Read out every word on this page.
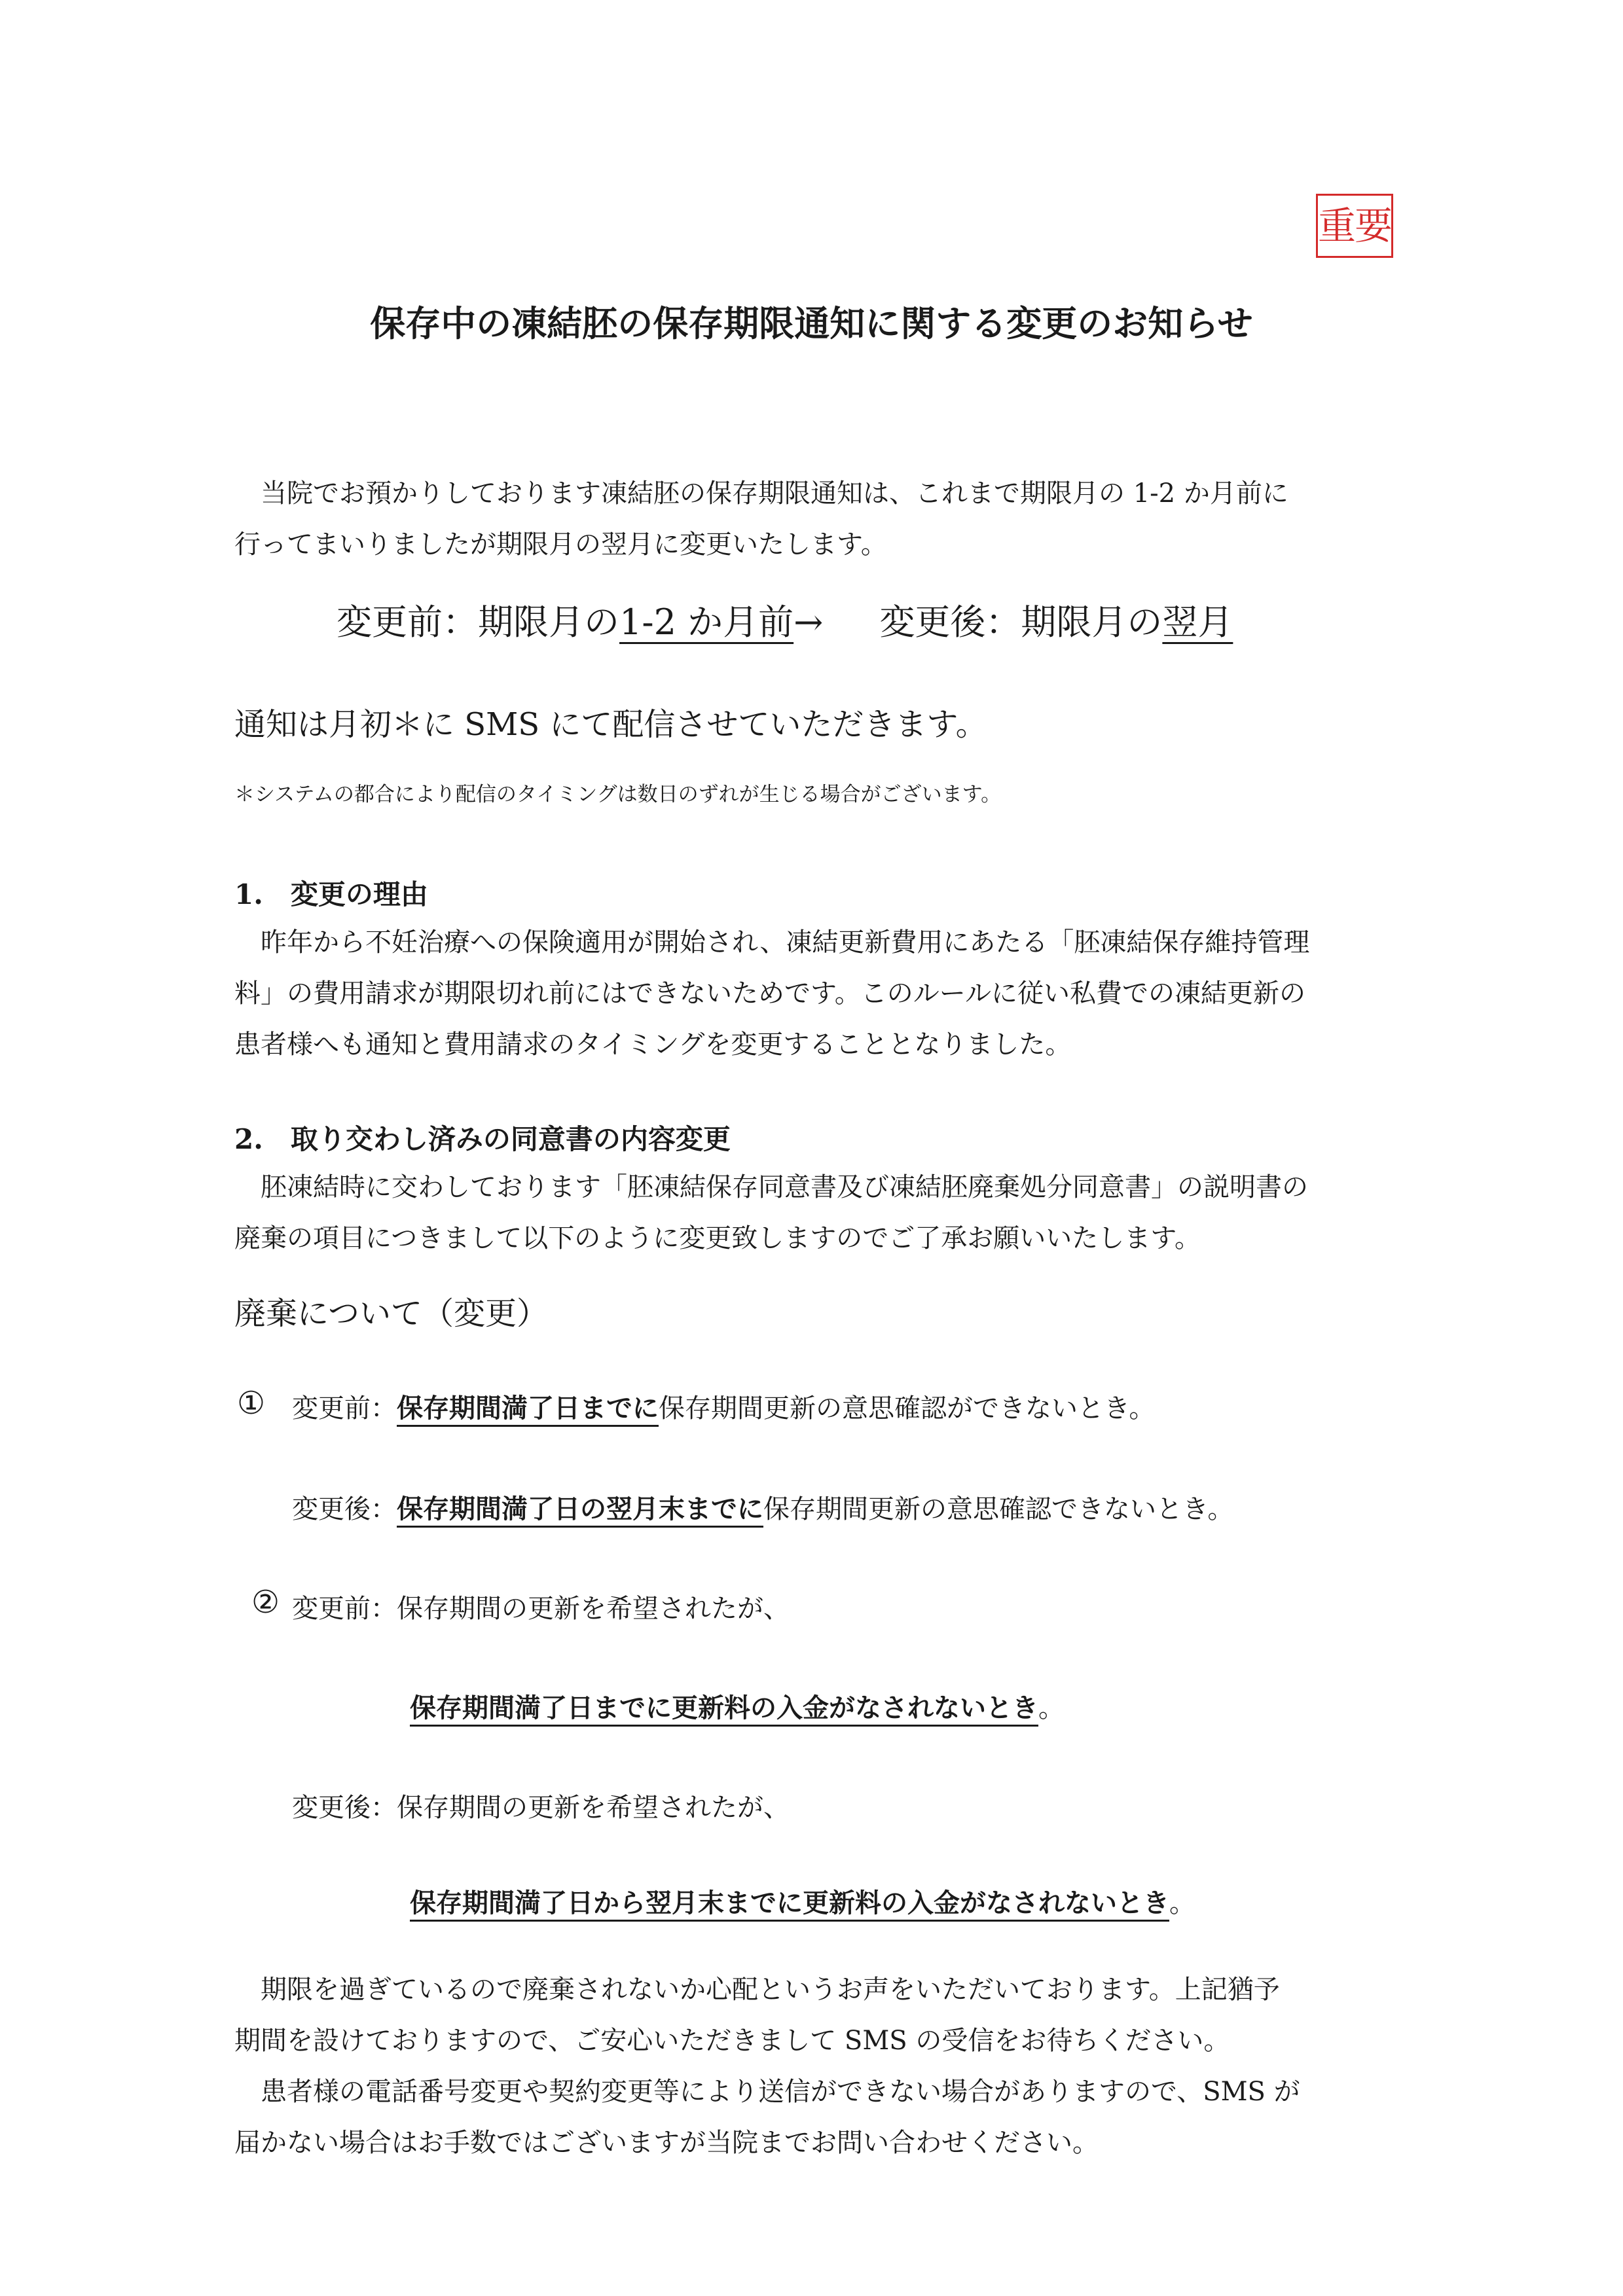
重要
保存中の凍結胚の保存期限通知に関する変更のお知らせ
当院でお預かりしております凍結胚の保存期限通知は、これまで期限月の 1-2 か月前に
行ってまいりましたが期限月の翌月に変更いたします。
変更前：期限月の1-2 か月前→ 変更後：期限月の翌月
通知は月初＊に SMS にて配信させていただきます。
＊システムの都合により配信のタイミングは数日のずれが生じる場合がございます。
1.　変更の理由
昨年から不妊治療への保険適用が開始され、凍結更新費用にあたる「胚凍結保存維持管理
料」の費用請求が期限切れ前にはできないためです。このルールに従い私費での凍結更新の
患者様へも通知と費用請求のタイミングを変更することとなりました。
2.　取り交わし済みの同意書の内容変更
胚凍結時に交わしております「胚凍結保存同意書及び凍結胚廃棄処分同意書」の説明書の
廃棄の項目につきまして以下のように変更致しますのでご了承お願いいたします。
廃棄について（変更）
① 変更前：保存期間満了日までに保存期間更新の意思確認ができないとき。
変更後：保存期間満了日の翌月末までに保存期間更新の意思確認できないとき。
② 変更前：保存期間の更新を希望されたが、
保存期間満了日までに更新料の入金がなされないとき。
変更後：保存期間の更新を希望されたが、
保存期間満了日から翌月末までに更新料の入金がなされないとき。
期限を過ぎているので廃棄されないか心配というお声をいただいております。上記猶予
期間を設けておりますので、ご安心いただきまして SMS の受信をお待ちください。
患者様の電話番号変更や契約変更等により送信ができない場合がありますので、SMS が
届かない場合はお手数ではございますが当院までお問い合わせください。
